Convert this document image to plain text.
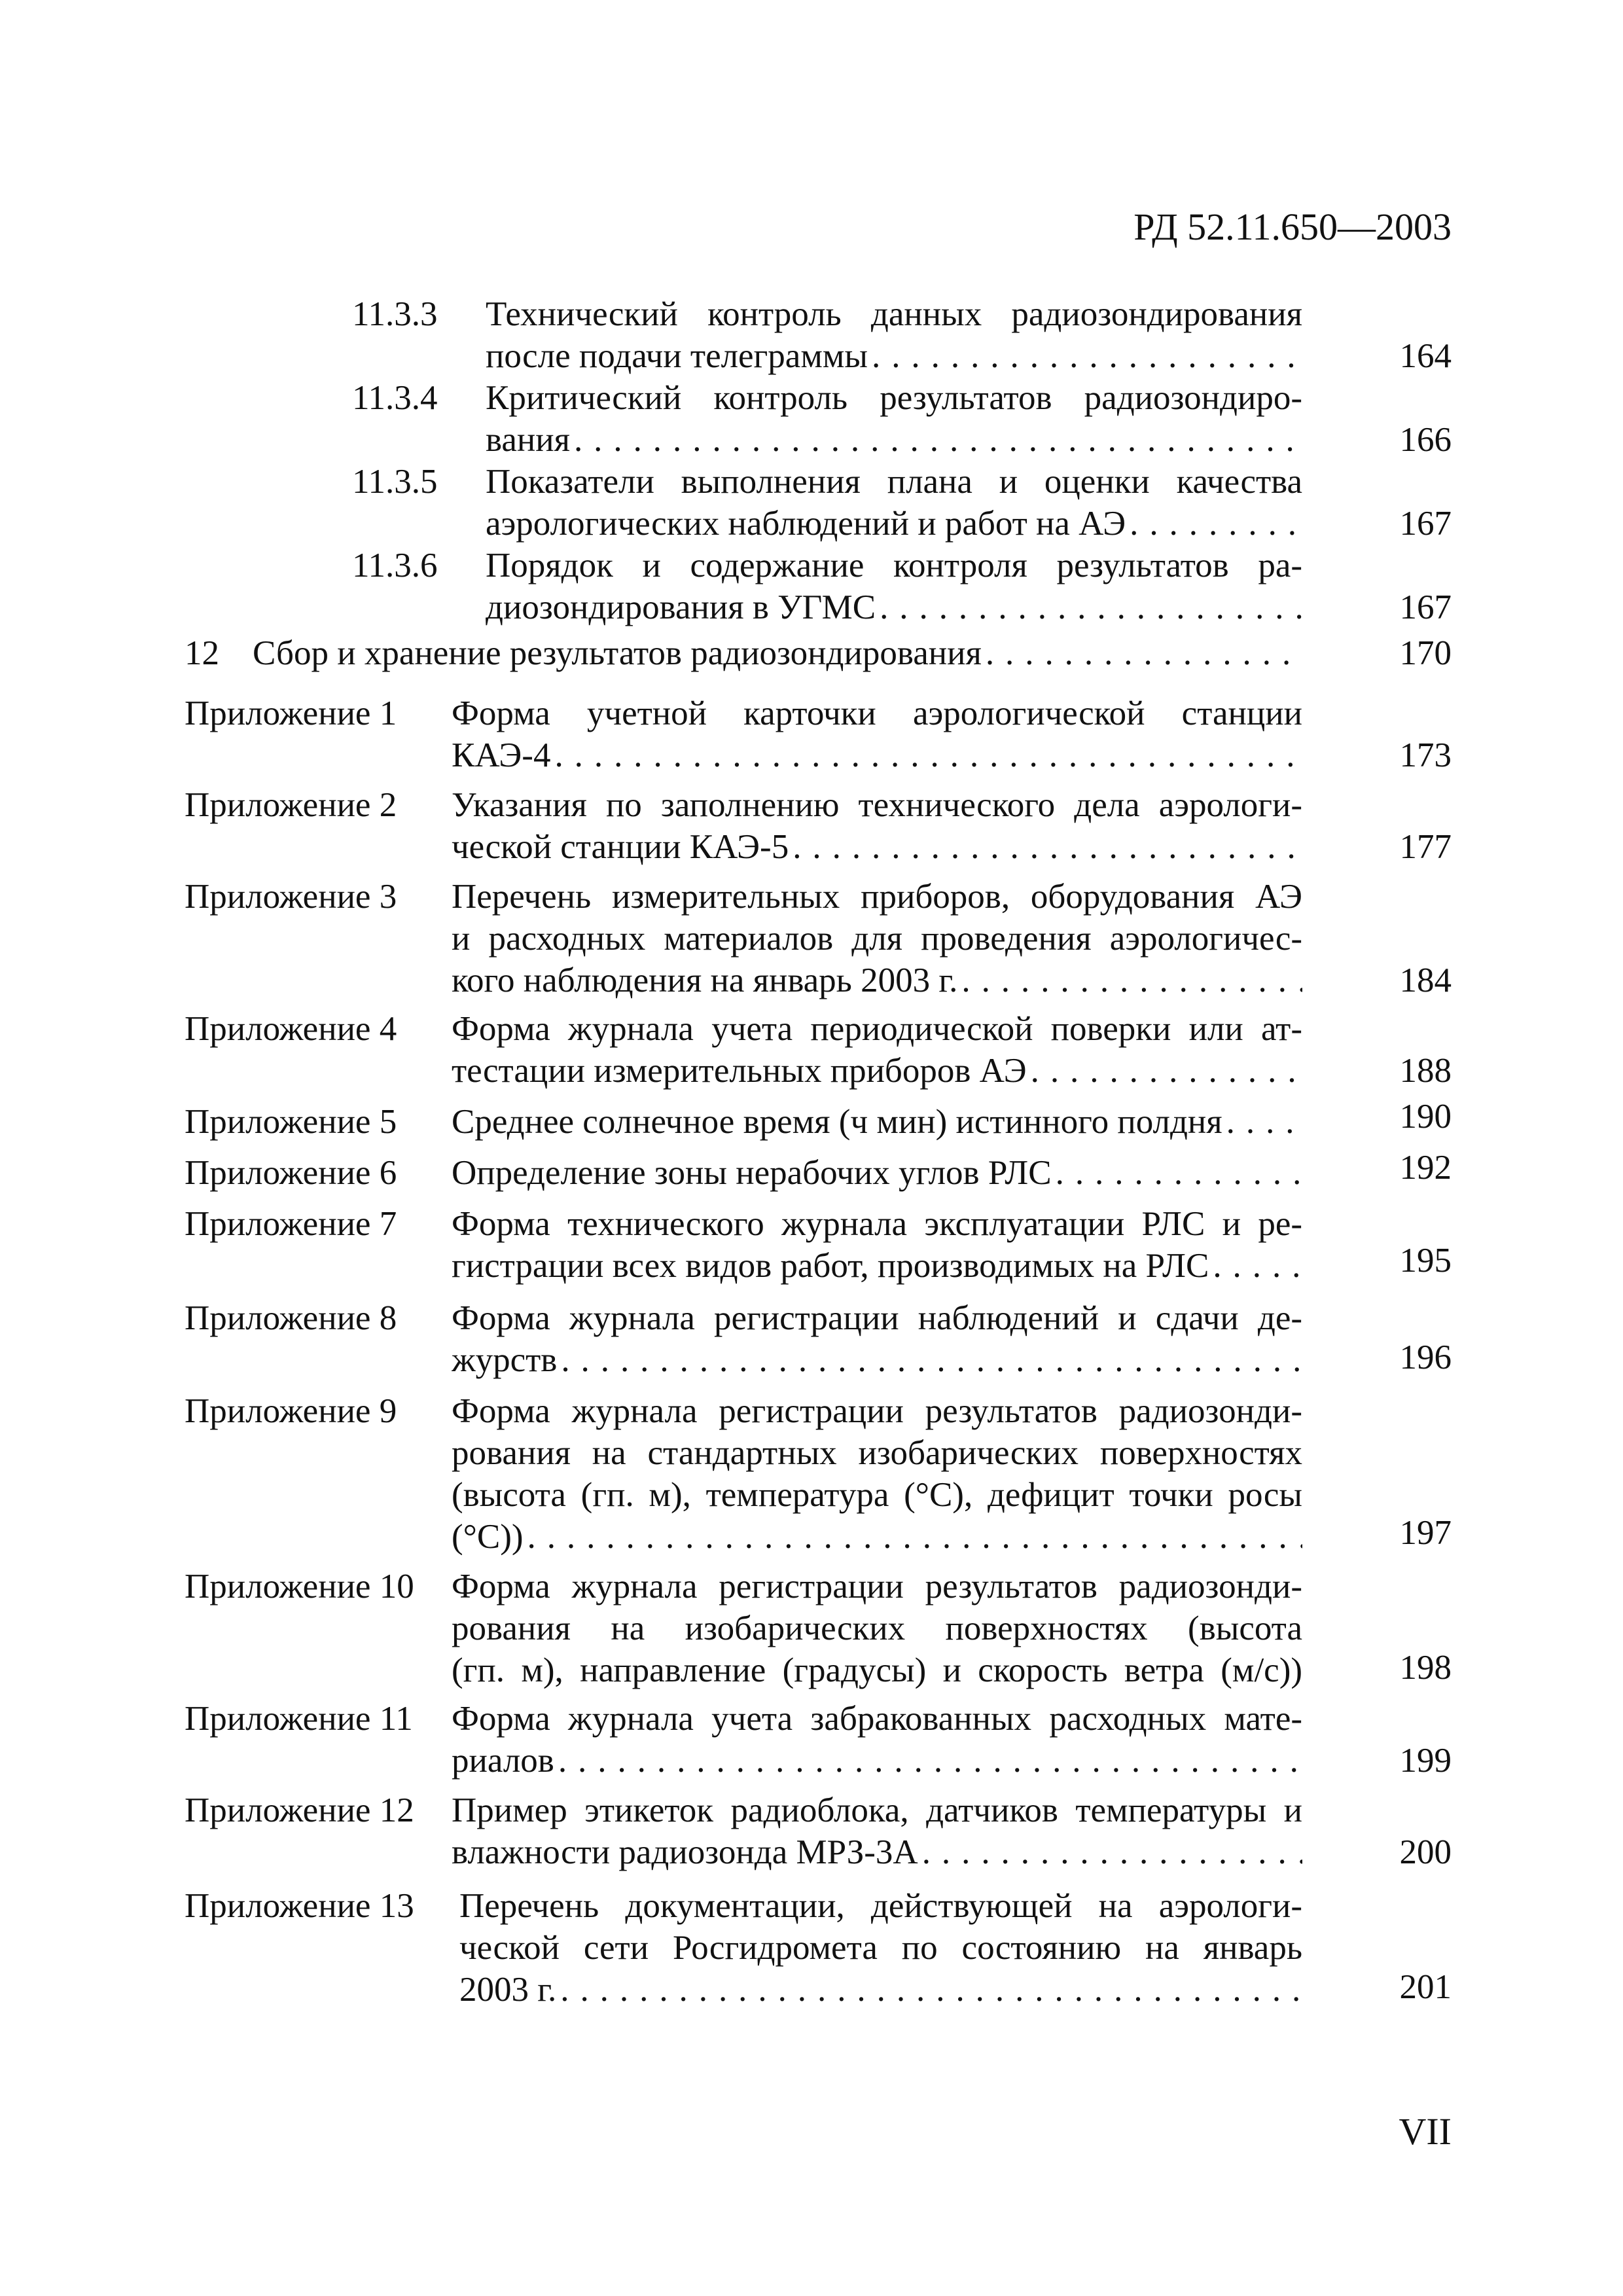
РД 52.11.650—2003
11.3.3 Технический контроль данных радиозондирования
после подачи телеграммы .....	164
11.3.4 Критический контроль результатов радиозондиро-
вания .....	166
11.3.5 Показатели выполнения плана и оценки качества
аэрологических наблюдений и работ на АЭ .....	167
11.3.6 Порядок и содержание контроля результатов ра-
диозондирования в УГМС .....	167
12 Сбор и хранение результатов радиозондирования .....	170
Приложение 1 Форма учетной карточки аэрологической станции
КАЭ-4 .....	173
Приложение 2 Указания по заполнению технического дела аэрологи-
ческой станции КАЭ-5 .....	177
Приложение 3 Перечень измерительных приборов, оборудования АЭ
и расходных материалов для проведения аэрологичес-
кого наблюдения на январь 2003 г. .....	184
Приложение 4 Форма журнала учета периодической поверки или ат-
тестации измерительных приборов АЭ .....	188
Приложение 5 Среднее солнечное время (ч мин) истинного полдня .....	190
Приложение 6 Определение зоны нерабочих углов РЛС .....	192
Приложение 7 Форма технического журнала эксплуатации РЛС и ре-
гистрации всех видов работ, производимых на РЛС .....	195
Приложение 8 Форма журнала регистрации наблюдений и сдачи де-
журств .....	196
Приложение 9 Форма журнала регистрации результатов радиозонди-
рования на стандартных изобарических поверхностях
(высота (гп. м), температура (°С), дефицит точки росы
(°С)) .....	197
Приложение 10 Форма журнала регистрации результатов радиозонди-
рования на изобарических поверхностях (высота
(гп. м), направление (градусы) и скорость ветра (м/с))	198
Приложение 11 Форма журнала учета забракованных расходных мате-
риалов .....	199
Приложение 12 Пример этикеток радиоблока, датчиков температуры и
влажности радиозонда МРЗ-3А .....	200
Приложение 13 Перечень документации, действующей на аэрологи-
ческой сети Росгидромета по состоянию на январь
2003 г. .....	201
VII
